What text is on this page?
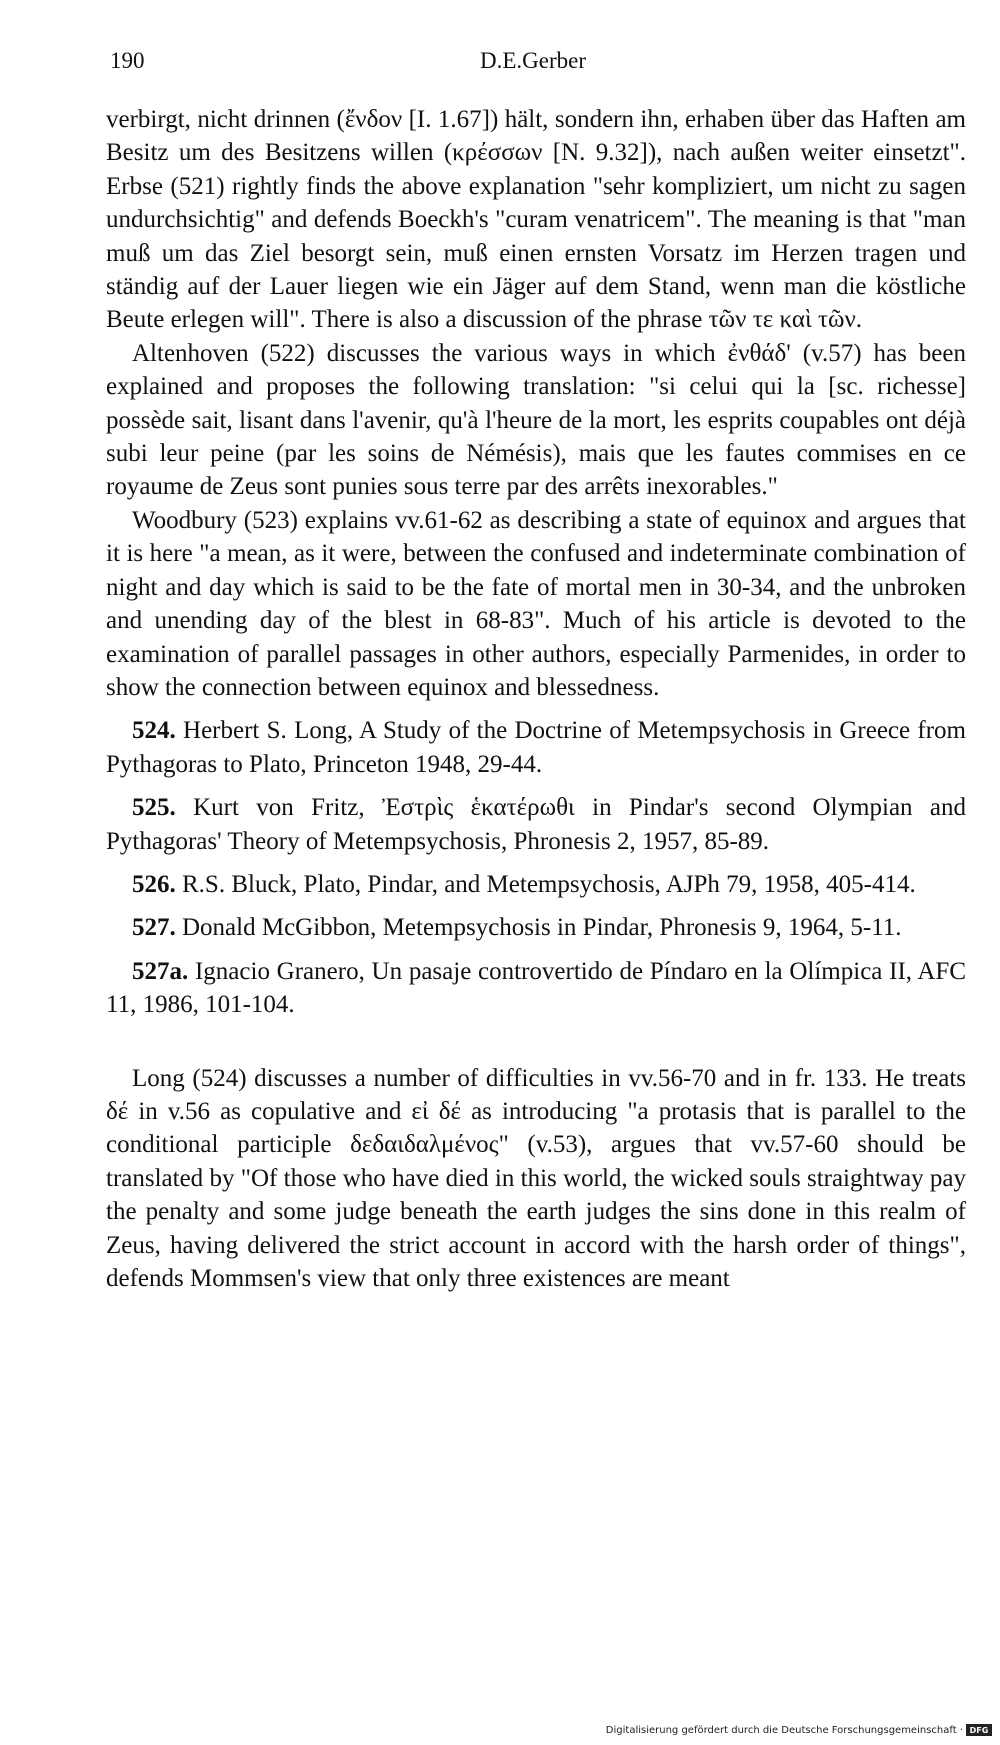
190	D.E.Gerber

verbirgt, nicht drinnen (ἔνδον [I. 1.67]) hält, sondern ihn, erhaben über das Haften am Besitz um des Besitzens willen (κρέσσων [N. 9.32]), nach außen weiter einsetzt". Erbse (521) rightly finds the above explanation "sehr kompliziert, um nicht zu sagen undurchsichtig" and defends Boeckh's "curam venatricem". The meaning is that "man muß um das Ziel besorgt sein, muß einen ernsten Vorsatz im Herzen tragen und ständig auf der Lauer liegen wie ein Jäger auf dem Stand, wenn man die köstliche Beute erlegen will". There is also a discussion of the phrase τῶν τε καὶ τῶν.

Altenhoven (522) discusses the various ways in which ἐνθάδ' (v.57) has been explained and proposes the following translation: "si celui qui la [sc. richesse] possède sait, lisant dans l'avenir, qu'à l'heure de la mort, les esprits coupables ont déjà subi leur peine (par les soins de Némésis), mais que les fautes commises en ce royaume de Zeus sont punies sous terre par des arrêts inexorables."

Woodbury (523) explains vv.61-62 as describing a state of equinox and argues that it is here "a mean, as it were, between the confused and indeterminate combination of night and day which is said to be the fate of mortal men in 30-34, and the unbroken and unending day of the blest in 68-83". Much of his article is devoted to the examination of parallel passages in other authors, especially Parmenides, in order to show the connection between equinox and blessedness.

524. Herbert S. Long, A Study of the Doctrine of Metempsychosis in Greece from Pythagoras to Plato, Princeton 1948, 29-44.

525. Kurt von Fritz, Ἐστρὶς ἑκατέρωθι in Pindar's second Olympian and Pythagoras' Theory of Metempsychosis, Phronesis 2, 1957, 85-89.

526. R.S. Bluck, Plato, Pindar, and Metempsychosis, AJPh 79, 1958, 405-414.

527. Donald McGibbon, Metempsychosis in Pindar, Phronesis 9, 1964, 5-11.

527a. Ignacio Granero, Un pasaje controvertido de Píndaro en la Olímpica II, AFC 11, 1986, 101-104.

Long (524) discusses a number of difficulties in vv.56-70 and in fr. 133. He treats δέ in v.56 as copulative and εἰ δέ as introducing "a protasis that is parallel to the conditional participle δεδαιδαλμένος" (v.53), argues that vv.57-60 should be translated by "Of those who have died in this world, the wicked souls straightway pay the penalty and some judge beneath the earth judges the sins done in this realm of Zeus, having delivered the strict account in accord with the harsh order of things", defends Mommsen's view that only three existences are meant

Digitalisierung gefördert durch die Deutsche Forschungsgemeinschaft · DFG
